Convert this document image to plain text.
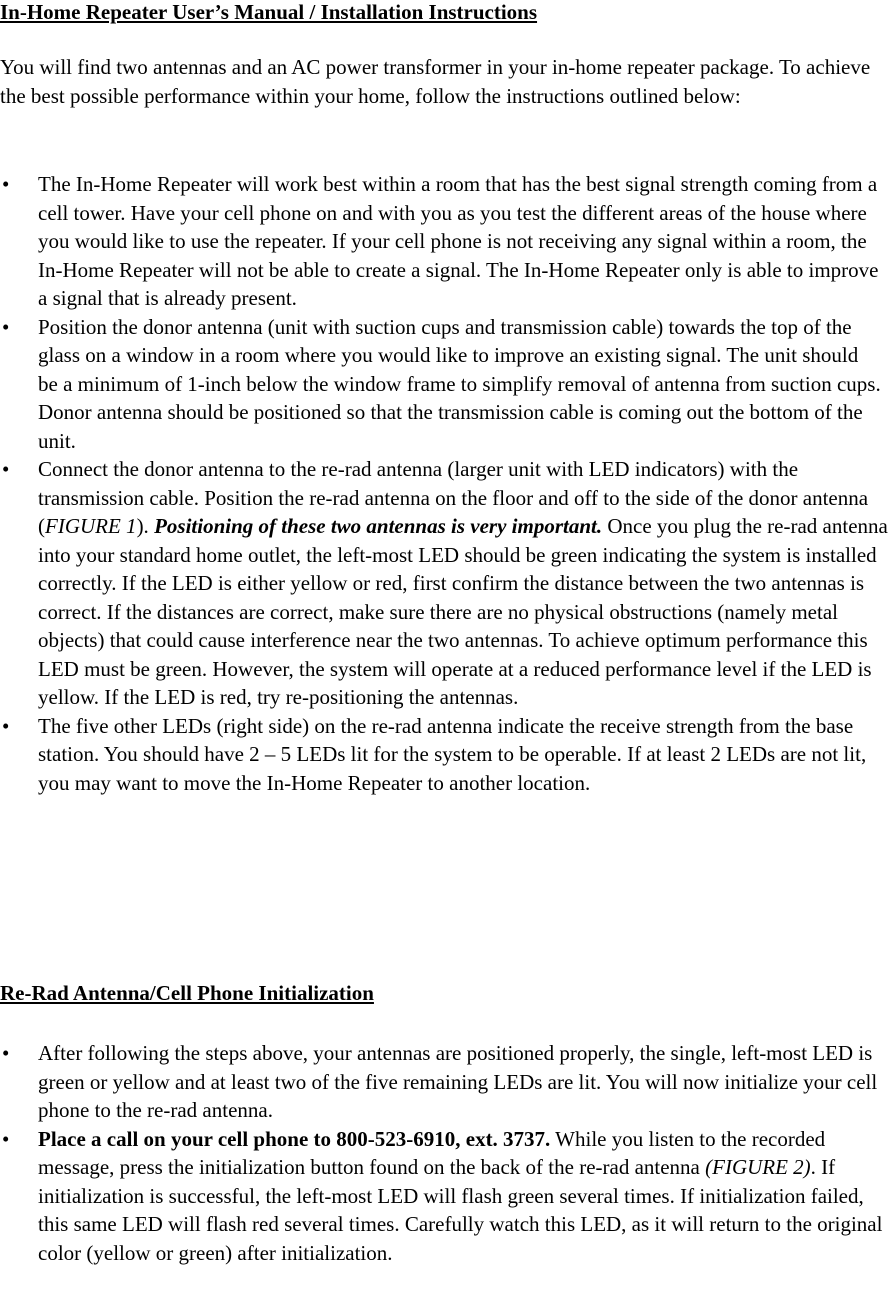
In-Home Repeater User’s Manual / Installation Instructions

You will find two antennas and an AC power transformer in your in-home repeater package. To achieve the best possible performance within your home, follow the instructions outlined below:

•	The In-Home Repeater will work best within a room that has the best signal strength coming from a cell tower. Have your cell phone on and with you as you test the different areas of the house where you would like to use the repeater. If your cell phone is not receiving any signal within a room, the In-Home Repeater will not be able to create a signal. The In-Home Repeater only is able to improve a signal that is already present.
•	Position the donor antenna (unit with suction cups and transmission cable) towards the top of the glass on a window in a room where you would like to improve an existing signal. The unit should be a minimum of 1-inch below the window frame to simplify removal of antenna from suction cups. Donor antenna should be positioned so that the transmission cable is coming out the bottom of the unit.
•	Connect the donor antenna to the re-rad antenna (larger unit with LED indicators) with the transmission cable. Position the re-rad antenna on the floor and off to the side of the donor antenna (FIGURE 1). Positioning of these two antennas is very important. Once you plug the re-rad antenna into your standard home outlet, the left-most LED should be green indicating the system is installed correctly. If the LED is either yellow or red, first confirm the distance between the two antennas is correct. If the distances are correct, make sure there are no physical obstructions (namely metal objects) that could cause interference near the two antennas. To achieve optimum performance this LED must be green. However, the system will operate at a reduced performance level if the LED is yellow. If the LED is red, try re-positioning the antennas.
•	The five other LEDs (right side) on the re-rad antenna indicate the receive strength from the base station. You should have 2 – 5 LEDs lit for the system to be operable. If at least 2 LEDs are not lit, you may want to move the In-Home Repeater to another location.
Re-Rad Antenna/Cell Phone Initialization
•	After following the steps above, your antennas are positioned properly, the single, left-most LED is green or yellow and at least two of the five remaining LEDs are lit. You will now initialize your cell phone to the re-rad antenna.
•	Place a call on your cell phone to 800-523-6910, ext. 3737. While you listen to the recorded message, press the initialization button found on the back of the re-rad antenna (FIGURE 2). If initialization is successful, the left-most LED will flash green several times. If initialization failed, this same LED will flash red several times. Carefully watch this LED, as it will return to the original color (yellow or green) after initialization.
